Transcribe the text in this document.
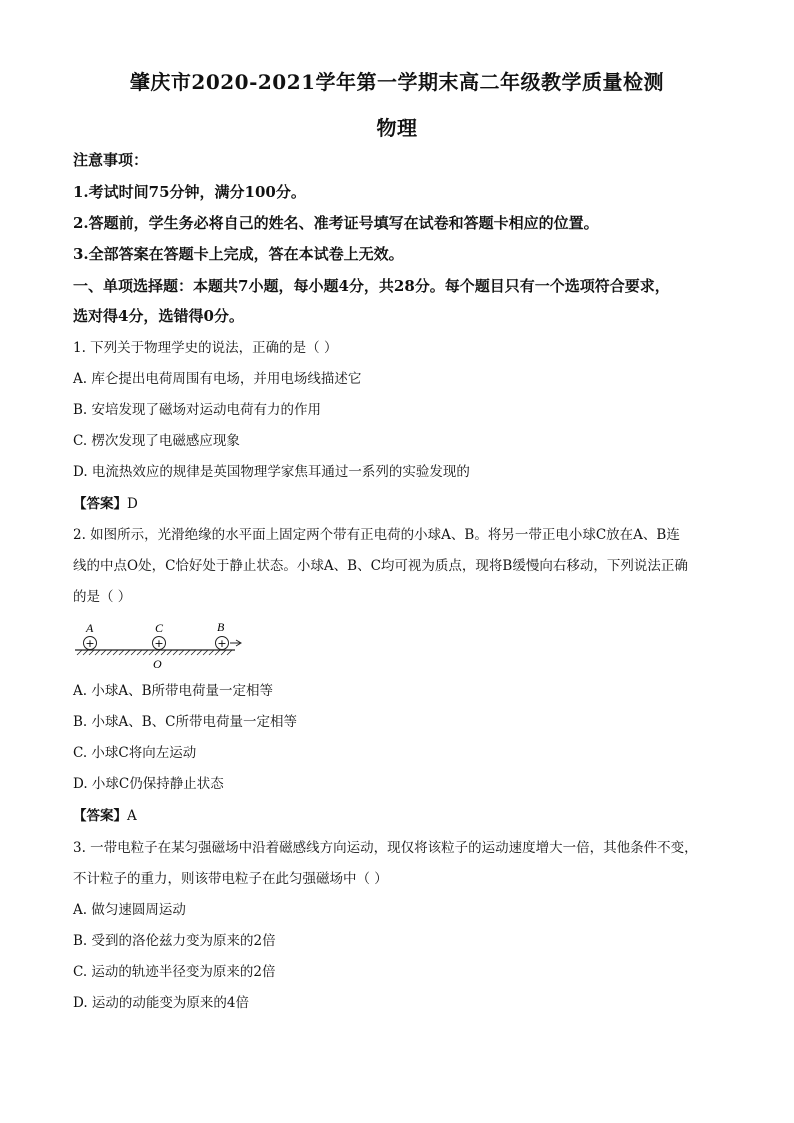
肇庆市2020-2021学年第一学期末高二年级教学质量检测
物理
注意事项：
1.考试时间75分钟，满分100分。
2.答题前，学生务必将自己的姓名、准考证号填写在试卷和答题卡相应的位置。
3.全部答案在答题卡上完成，答在本试卷上无效。
一、单项选择题：本题共7小题，每小题4分，共28分。每个题目只有一个选项符合要求，
选对得4分，选错得0分。
1. 下列关于物理学史的说法，正确的是（ ）
A. 库仑提出电荷周围有电场，并用电场线描述它
B. 安培发现了磁场对运动电荷有力的作用
C. 楞次发现了电磁感应现象
D. 电流热效应的规律是英国物理学家焦耳通过一系列的实验发现的
【答案】D
2. 如图所示，光滑绝缘的水平面上固定两个带有正电荷的小球A、B。将另一带正电小球C放在A、B连
线的中点O处，C恰好处于静止状态。小球A、B、C均可视为质点，现将B缓慢向右移动，下列说法正确
的是（ ）
+
A
+
C
O
+
B
A. 小球A、B所带电荷量一定相等
B. 小球A、B、C所带电荷量一定相等
C. 小球C将向左运动
D. 小球C仍保持静止状态
【答案】A
3. 一带电粒子在某匀强磁场中沿着磁感线方向运动，现仅将该粒子的运动速度增大一倍，其他条件不变，
不计粒子的重力，则该带电粒子在此匀强磁场中（ ）
A. 做匀速圆周运动
B. 受到的洛伦兹力变为原来的2倍
C. 运动的轨迹半径变为原来的2倍
D. 运动的动能变为原来的4倍
